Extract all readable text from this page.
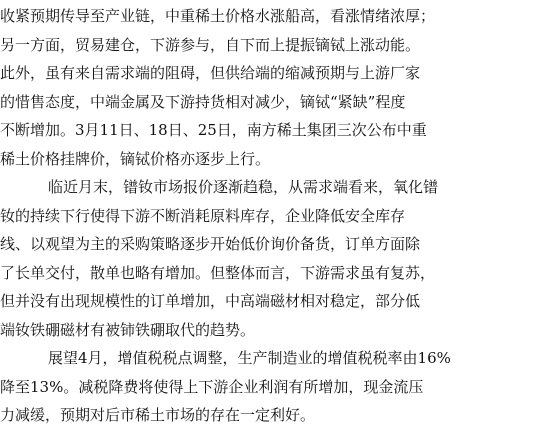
收紧预期传导至产业链，中重稀土价格水涨船高，看涨情绪浓厚；
另一方面，贸易建仓，下游参与，自下而上提振镝铽上涨动能。
此外，虽有来自需求端的阻碍，但供给端的缩减预期与上游厂家
的惜售态度，中端金属及下游持货相对减少，镝铽“紧缺”程度
不断增加。3月11日、18日、25日，南方稀土集团三次公布中重
稀土价格挂牌价，镝铽价格亦逐步上行。
临近月末，镨钕市场报价逐渐趋稳，从需求端看来，氧化镨
钕的持续下行使得下游不断消耗原料库存，企业降低安全库存
线、以观望为主的采购策略逐步开始低价询价备货，订单方面除
了长单交付，散单也略有增加。但整体而言，下游需求虽有复苏，
但并没有出现规模性的订单增加，中高端磁材相对稳定，部分低
端钕铁硼磁材有被铈铁硼取代的趋势。
展望4月，增值税税点调整，生产制造业的增值税税率由16%
降至13%。减税降费将使得上下游企业利润有所增加，现金流压
力减缓，预期对后市稀土市场的存在一定利好。
